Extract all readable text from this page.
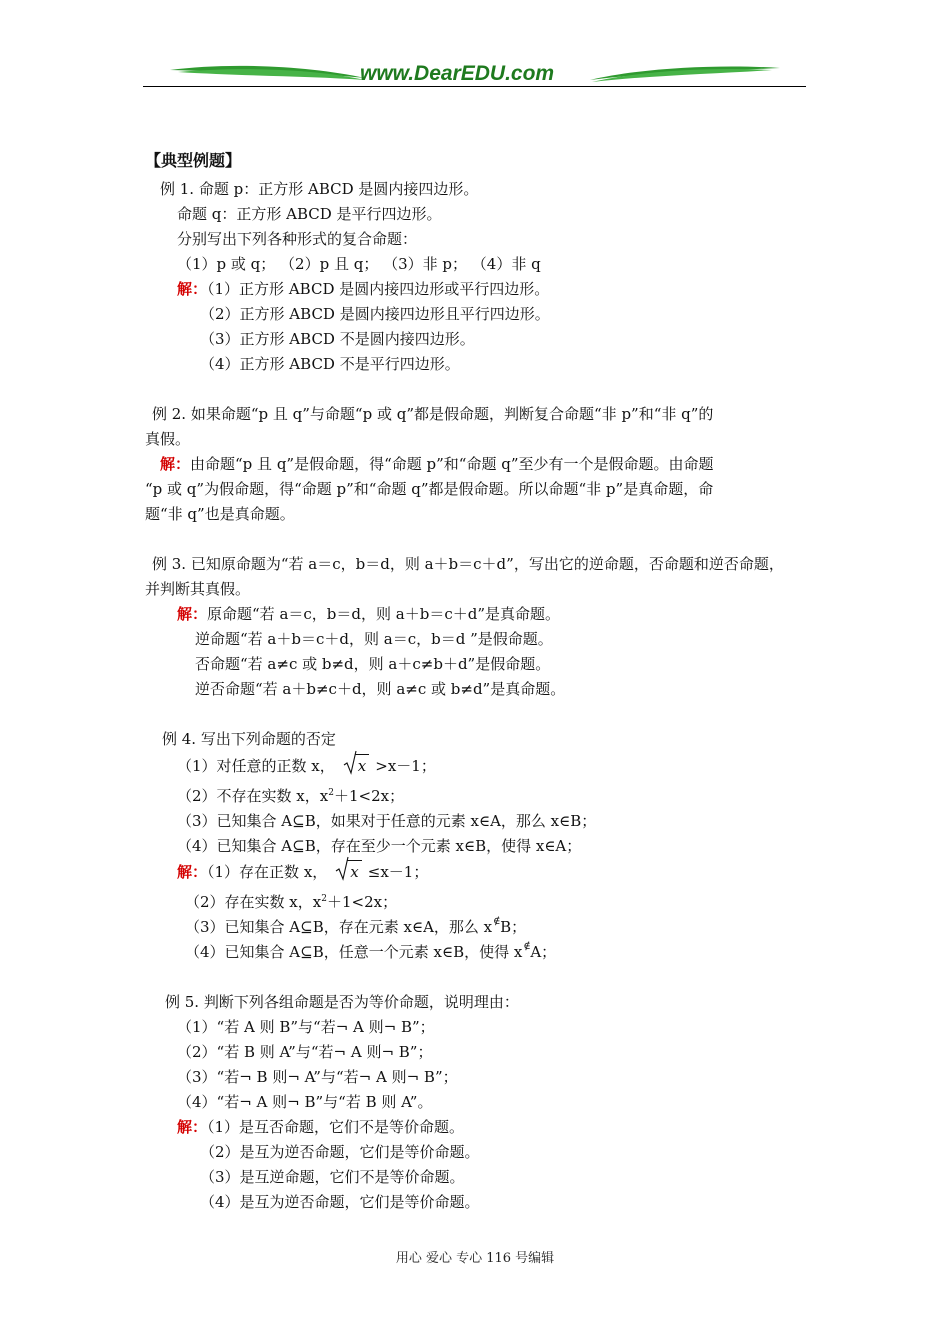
www.DearEDU.com
【典型例题】
例 1. 命题 p：正方形 ABCD 是圆内接四边形。
命题 q：正方形 ABCD 是平行四边形。
分别写出下列各种形式的复合命题：
（1）p 或 q； （2）p 且 q； （3）非 p； （4）非 q
解：（1）正方形 ABCD 是圆内接四边形或平行四边形。
（2）正方形 ABCD 是圆内接四边形且平行四边形。
（3）正方形 ABCD 不是圆内接四边形。
（4）正方形 ABCD 不是平行四边形。
例 2. 如果命题“p 且 q”与命题“p 或 q”都是假命题，判断复合命题“非 p”和“非 q”的
真假。
解：由命题“p 且 q”是假命题，得“命题 p”和“命题 q”至少有一个是假命题。由命题
“p 或 q”为假命题，得“命题 p”和“命题 q”都是假命题。所以命题“非 p”是真命题，命
题“非 q”也是真命题。
例 3. 已知原命题为“若 a＝c，b＝d，则 a＋b＝c＋d”，写出它的逆命题，否命题和逆否命题，
并判断其真假。
解：原命题“若 a＝c，b＝d，则 a＋b＝c＋d”是真命题。
逆命题“若 a＋b＝c＋d，则 a＝c，b＝d ”是假命题。
否命题“若 a≠c 或 b≠d，则 a＋c≠b＋d”是假命题。
逆否命题“若 a＋b≠c＋d，则 a≠c 或 b≠d”是真命题。
例 4. 写出下列命题的否定
（1）对任意的正数 x， x >x－1；
（2）不存在实数 x，$x^2+1<2x$；
（3）已知集合 A⊆B，如果对于任意的元素 x∈A，那么 x∈B；
（4）已知集合 A⊆B，存在至少一个元素 x∈B，使得 x∈A；
解：（1）存在正数 x， x ≤x－1；
（2）存在实数 x，$x^2+1<2x$；
（3）已知集合 A⊆B，存在元素 x∈A，那么 x ∉ B；
（4）已知集合 A⊆B，任意一个元素 x∈B，使得 x ∉ A；
例 5. 判断下列各组命题是否为等价命题，说明理由：
（1）“若 A 则 B”与“若¬ A 则¬ B”；
（2）“若 B 则 A”与“若¬ A 则¬ B”；
（3）“若¬ B 则¬ A”与“若¬ A 则¬ B”；
（4）“若¬ A 则¬ B”与“若 B 则 A”。
解：（1）是互否命题，它们不是等价命题。
（2）是互为逆否命题，它们是等价命题。
（3）是互逆命题，它们不是等价命题。
（4）是互为逆否命题，它们是等价命题。
用心 爱心 专心 116 号编辑
